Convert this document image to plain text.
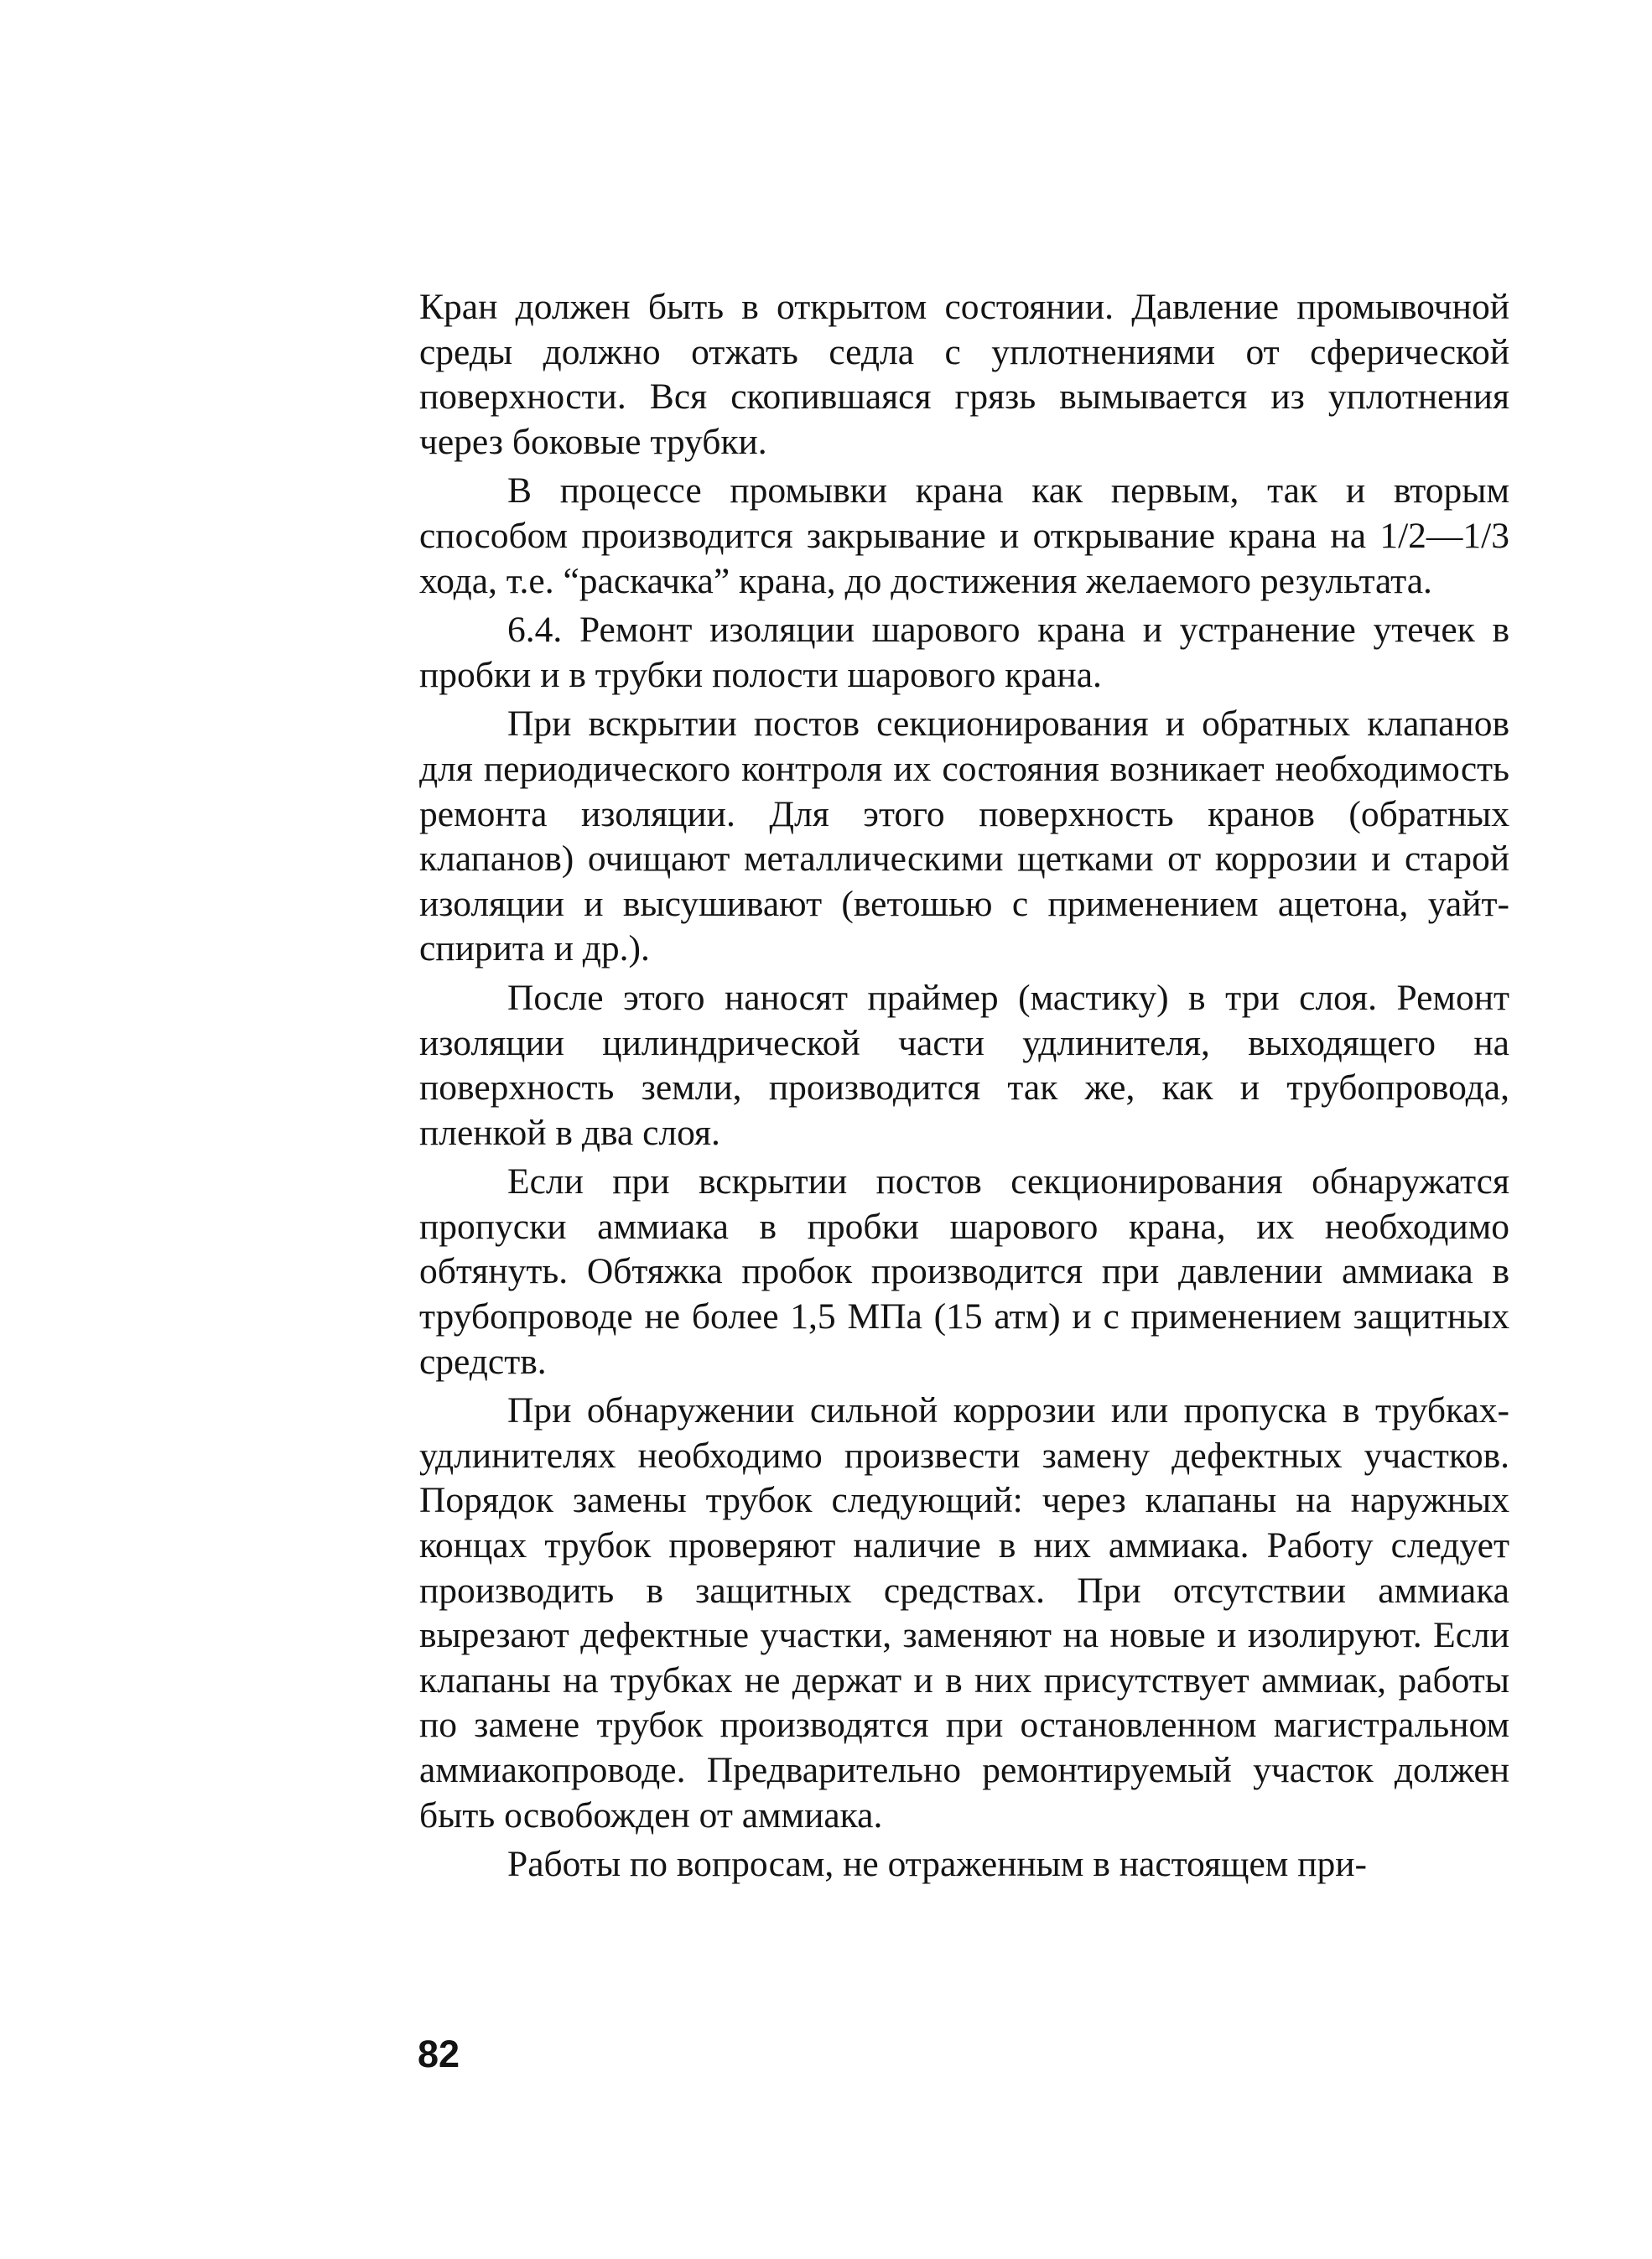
Кран должен быть в открытом состоянии. Давление промывочной среды должно отжать седла с уплотнениями от сферической поверхности. Вся скопившаяся грязь вымывается из уплотнения через боковые трубки.

В процессе промывки крана как первым, так и вторым способом производится закрывание и открывание крана на 1/2—1/3 хода, т.е. “раскачка” крана, до достижения желаемого результата.

6.4. Ремонт изоляции шарового крана и устранение утечек в пробки и в трубки полости шарового крана.

При вскрытии постов секционирования и обратных клапанов для периодического контроля их состояния возникает необходимость ремонта изоляции. Для этого поверхность кранов (обратных клапанов) очищают металлическими щетками от коррозии и старой изоляции и высушивают (ветошью с применением ацетона, уайт-спирита и др.).

После этого наносят праймер (мастику) в три слоя. Ремонт изоляции цилиндрической части удлинителя, выходящего на поверхность земли, производится так же, как и трубопровода, пленкой в два слоя.

Если при вскрытии постов секционирования обнаружатся пропуски аммиака в пробки шарового крана, их необходимо обтянуть. Обтяжка пробок производится при давлении аммиака в трубопроводе не более 1,5 МПа (15 атм) и с применением защитных средств.

При обнаружении сильной коррозии или пропуска в трубках-удлинителях необходимо произвести замену дефектных участков. Порядок замены трубок следующий: через клапаны на наружных концах трубок проверяют наличие в них аммиака. Работу следует производить в защитных средствах. При отсутствии аммиака вырезают дефектные участки, заменяют на новые и изолируют. Если клапаны на трубках не держат и в них присутствует аммиак, работы по замене трубок производятся при остановленном магистральном аммиакопроводе. Предварительно ремонтируемый участок должен быть освобожден от аммиака.

Работы по вопросам, не отраженным в настоящем при-

82
